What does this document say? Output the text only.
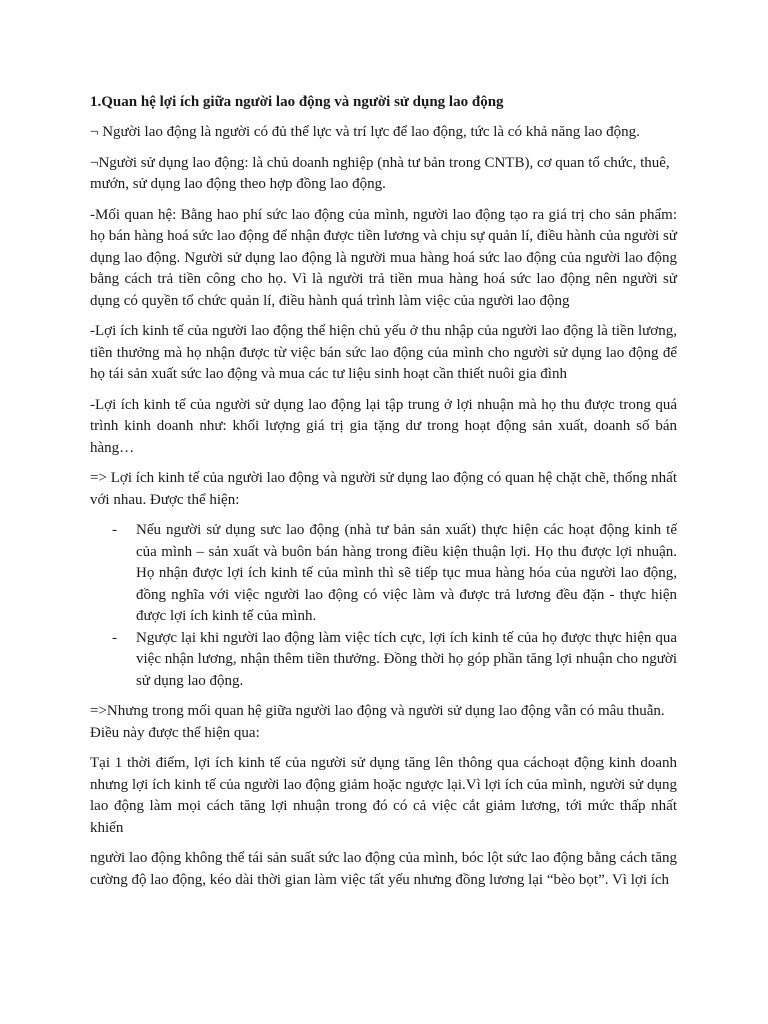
1.Quan hệ lợi ích giữa người lao động và người sử dụng lao động

¬ Người lao động là người có đủ thể lực và trí lực để lao động, tức là có khả năng lao động.

¬Người sử dụng lao động: là chủ doanh nghiệp (nhà tư bản trong CNTB), cơ quan tổ chức, thuê, mướn, sử dụng lao động theo hợp đồng lao động.

-Mối quan hệ: Bằng hao phí sức lao động của mình, người lao động tạo ra giá trị cho sản phẩm: họ bán hàng hoá sức lao động để nhận được tiền lương và chịu sự quản lí, điều hành của người sử dụng lao động. Người sử dụng lao động là người mua hàng hoá sức lao động của người lao động bằng cách trả tiền công cho họ. Vì là người trả tiền mua hàng hoá sức lao động nên người sử dụng có quyền tổ chức quản lí, điều hành quá trình làm việc của người lao động

-Lợi ích kinh tế của người lao động thể hiện chủ yếu ở thu nhập của người lao động là tiền lương, tiền thưởng mà họ nhận được từ việc bán sức lao động của mình cho người sử dụng lao động để họ tái sản xuất sức lao động và mua các tư liệu sinh hoạt cần thiết nuôi gia đình

-Lợi ích kinh tế của người sử dụng lao động lại tập trung ở lợi nhuận mà họ thu được trong quá trình kinh doanh như: khối lượng giá trị gia tặng dư trong hoạt động sản xuất, doanh số bán hàng…

=> Lợi ích kinh tế của người lao động và người sử dụng lao động có quan hệ chặt chẽ, thống nhất với nhau. Được thể hiện:

- Nếu người sử dụng sưc lao động (nhà tư bản sản xuất) thực hiện các hoạt động kinh tế của mình – sản xuất và buôn bán hàng trong điều kiện thuận lợi. Họ thu được lợi nhuận. Họ nhận được lợi ích kinh tế của mình thì sẽ tiếp tục mua hàng hóa của người lao động, đồng nghĩa với việc người lao động có việc làm và được trả lương đều đặn - thực hiện được lợi ích kinh tế của mình.
- Ngược lại khi người lao động làm việc tích cực, lợi ích kinh tế của họ được thực hiện qua việc nhận lương, nhận thêm tiền thưởng. Đồng thời họ góp phần tăng lợi nhuận cho người sử dụng lao động.

=>Nhưng trong mối quan hệ giữa người lao động và người sử dụng lao động vẫn có mâu thuẫn. Điều này được thể hiện qua:

Tại 1 thời điểm, lợi ích kinh tế của người sử dụng tăng lên thông qua cáchoạt động kinh doanh nhưng lợi ích kinh tế của người lao động giảm hoặc ngược lại.Vì lợi ích của mình, người sử dụng lao động làm mọi cách tăng lợi nhuận trong đó có cả việc cắt giảm lương, tới mức thấp nhất khiến

người lao động không thể tái sản suất sức lao động của mình, bóc lột sức lao động bằng cách tăng cường độ lao động, kéo dài thời gian làm việc tất yếu nhưng đồng lương lại “bèo bọt”. Vì lợi ích
